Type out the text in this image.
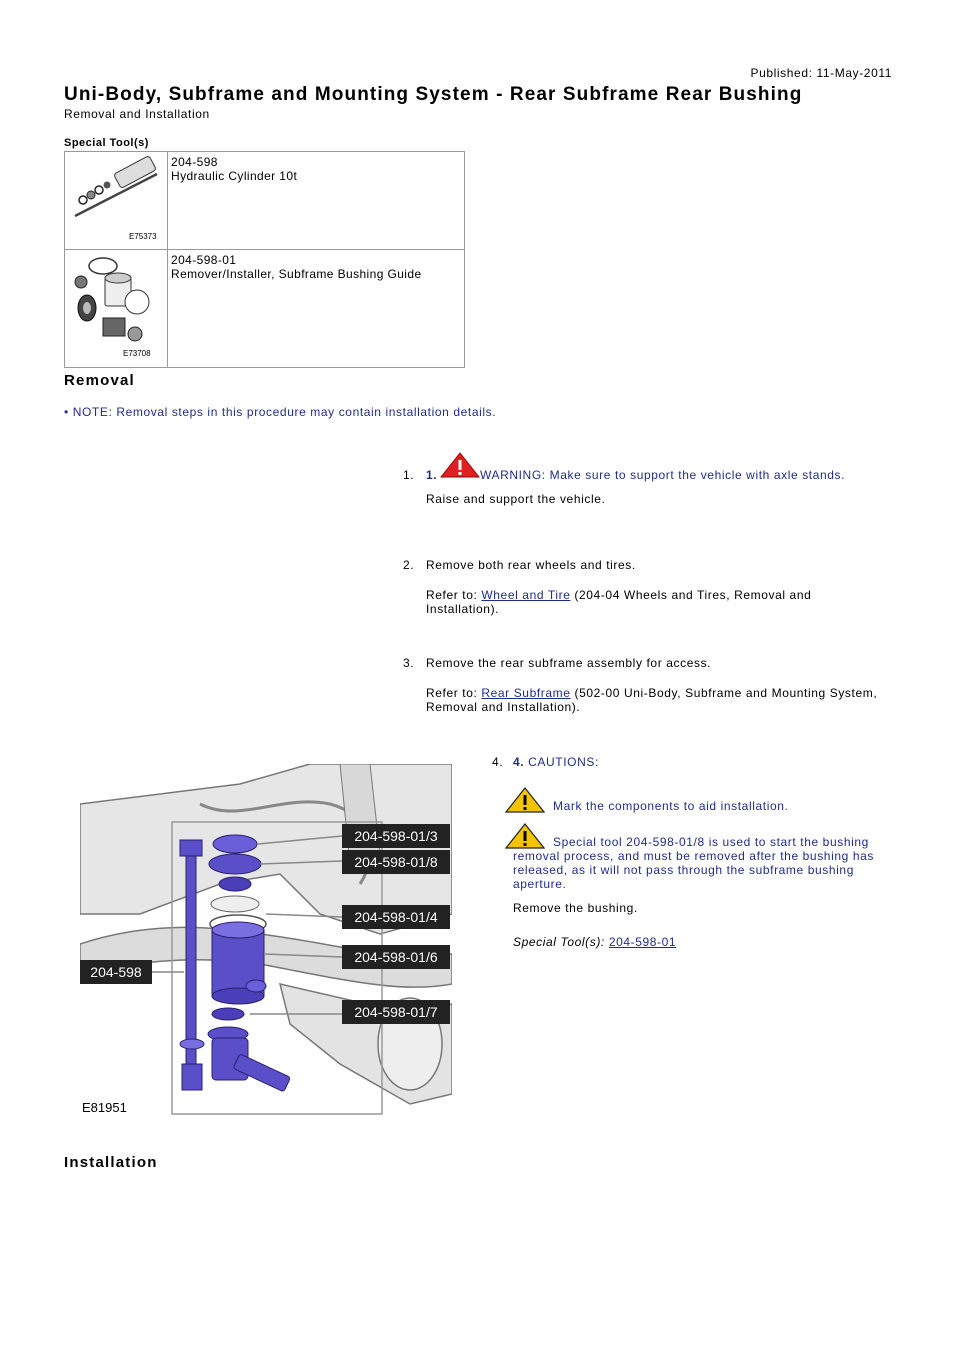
Published: 11-May-2011
Uni-Body, Subframe and Mounting System - Rear Subframe Rear Bushing
Removal and Installation
Special Tool(s)
E75373	204-598
Hydraulic Cylinder 10t

E73708	204-598-01
Remover/Installer, Subframe Bushing Guide
Removal
• NOTE: Removal steps in this procedure may contain installation details.
1. 1.	WARNING: Make sure to support the vehicle with axle stands.
Raise and support the vehicle.
2. Remove both rear wheels and tires.
Refer to: Wheel and Tire (204-04 Wheels and Tires, Removal and Installation).
3. Remove the rear subframe assembly for access.
Refer to: Rear Subframe (502-00 Uni-Body, Subframe and Mounting System, Removal and Installation).
204-598-01/3
204-598-01/8
204-598-01/4
204-598-01/6
204-598-01/7
204-598
E81951
4. 4. CAUTIONS:
Mark the components to aid installation.
Special tool 204-598-01/8 is used to start the bushing removal process, and must be removed after the bushing has released, as it will not pass through the subframe bushing aperture.
Remove the bushing.
Special Tool(s): 204-598-01
Installation
